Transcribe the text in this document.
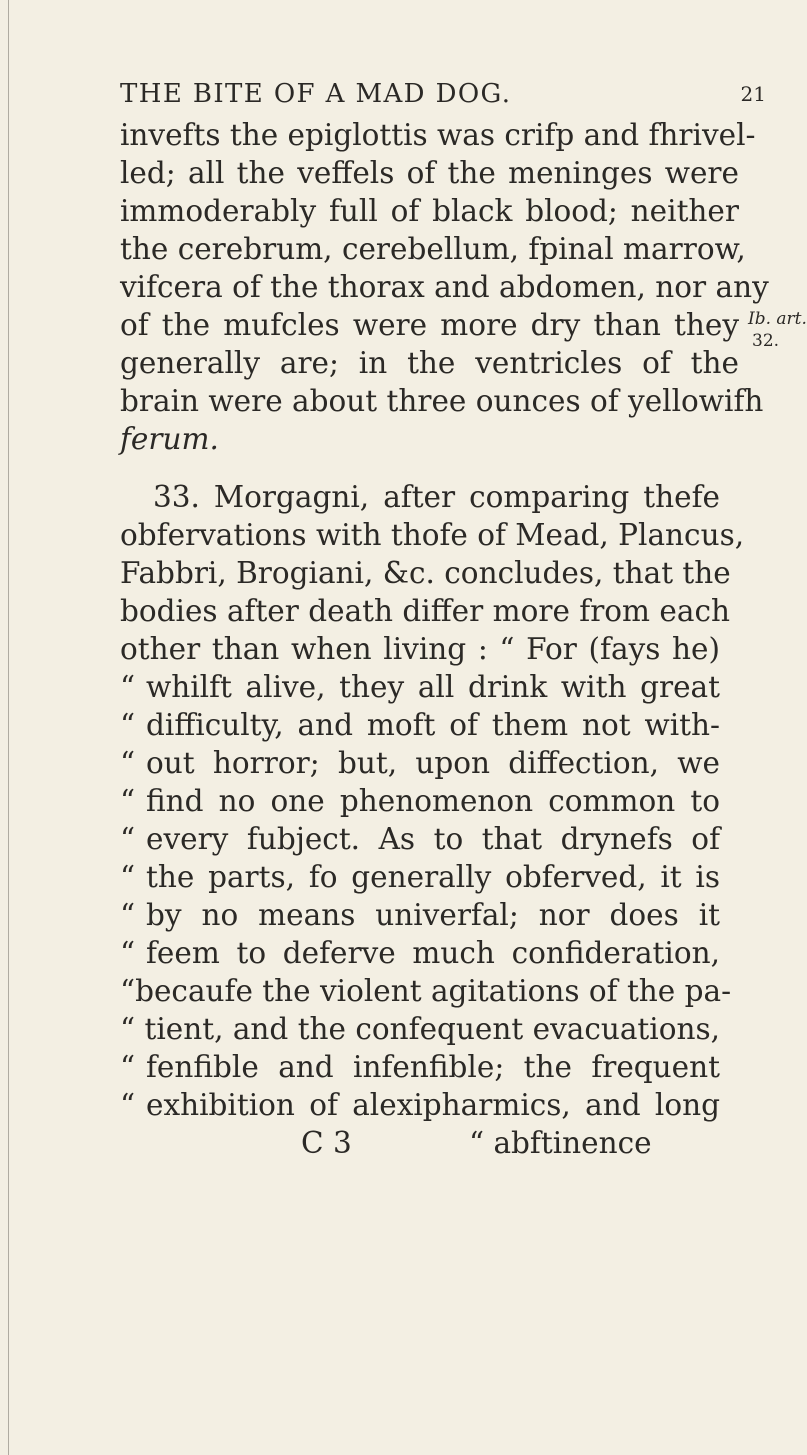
THE BITE OF A MAD DOG.	21
Ib. art.
32.
invefts the epiglottis was crifp and fhrivel-
led; all the veffels of the meninges were
immoderably full of black blood; neither
the cerebrum, cerebellum, fpinal marrow,
vifcera of the thorax and abdomen, nor any
of the mufcles were more dry than they
generally are; in the ventricles of the
brain were about three ounces of yellowifh
ferum.
33. Morgagni, after comparing thefe
obfervations with thofe of Mead, Plancus,
Fabbri, Brogiani, &c. concludes, that the
bodies after death differ more from each
other than when living : “ For (fays he)
“ whilft alive, they all drink with great
“ difficulty, and moft of them not with-
“ out horror; but, upon diffection, we
“ find no one phenomenon common to
“ every fubject. As to that drynefs of
“ the parts, fo generally obferved, it is
“ by no means univerfal; nor does it
“ feem to deferve much confideration,
“ becaufe the violent agitations of the pa-
“ tient, and the confequent evacuations,
“ fenfible and infenfible; the frequent
“ exhibition of alexipharmics, and long
C 3	“ abftinence
